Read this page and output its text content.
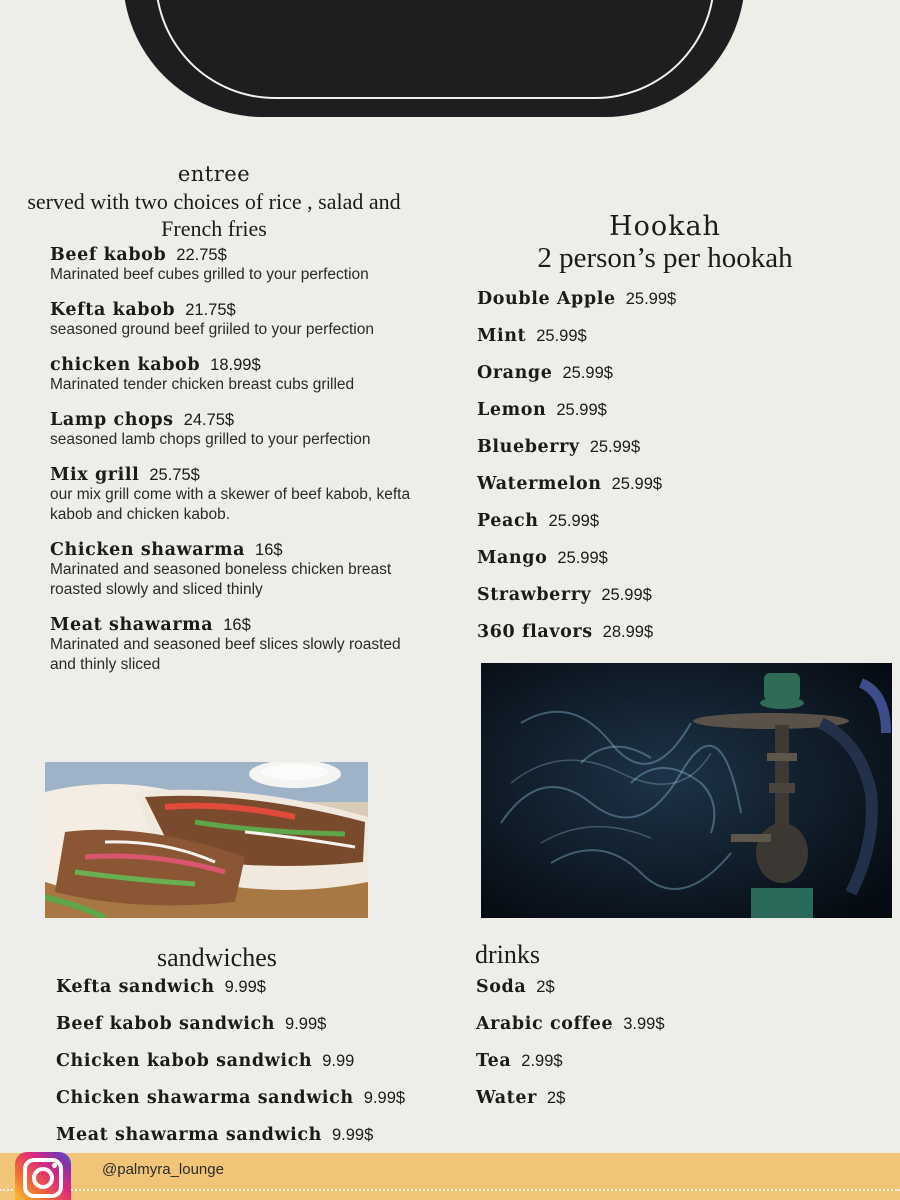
entree
served with two choices of rice , salad and French fries
Beef kabob 22.75$
Marinated beef cubes grilled to your perfection
Kefta kabob 21.75$
seasoned ground beef griiled to your perfection
chicken kabob 18.99$
Marinated tender chicken breast cubs grilled
Lamp chops 24.75$
seasoned lamb chops grilled to your perfection
Mix grill 25.75$
our mix grill come with a skewer of beef kabob, kefta kabob and chicken kabob.
Chicken shawarma 16$
Marinated and seasoned boneless chicken breast roasted slowly and sliced thinly
Meat shawarma 16$
Marinated and seasoned beef slices slowly roasted and thinly sliced
Hookah
2 person’s per hookah
Double Apple 25.99$
Mint 25.99$
Orange 25.99$
Lemon 25.99$
Blueberry 25.99$
Watermelon 25.99$
Peach 25.99$
Mango 25.99$
Strawberry 25.99$
360 flavors 28.99$
sandwiches
Kefta sandwich 9.99$
Beef kabob sandwich 9.99$
Chicken kabob sandwich 9.99
Chicken shawarma sandwich 9.99$
Meat shawarma sandwich 9.99$
drinks
Soda 2$
Arabic coffee 3.99$
Tea 2.99$
Water 2$
@palmyra_lounge
